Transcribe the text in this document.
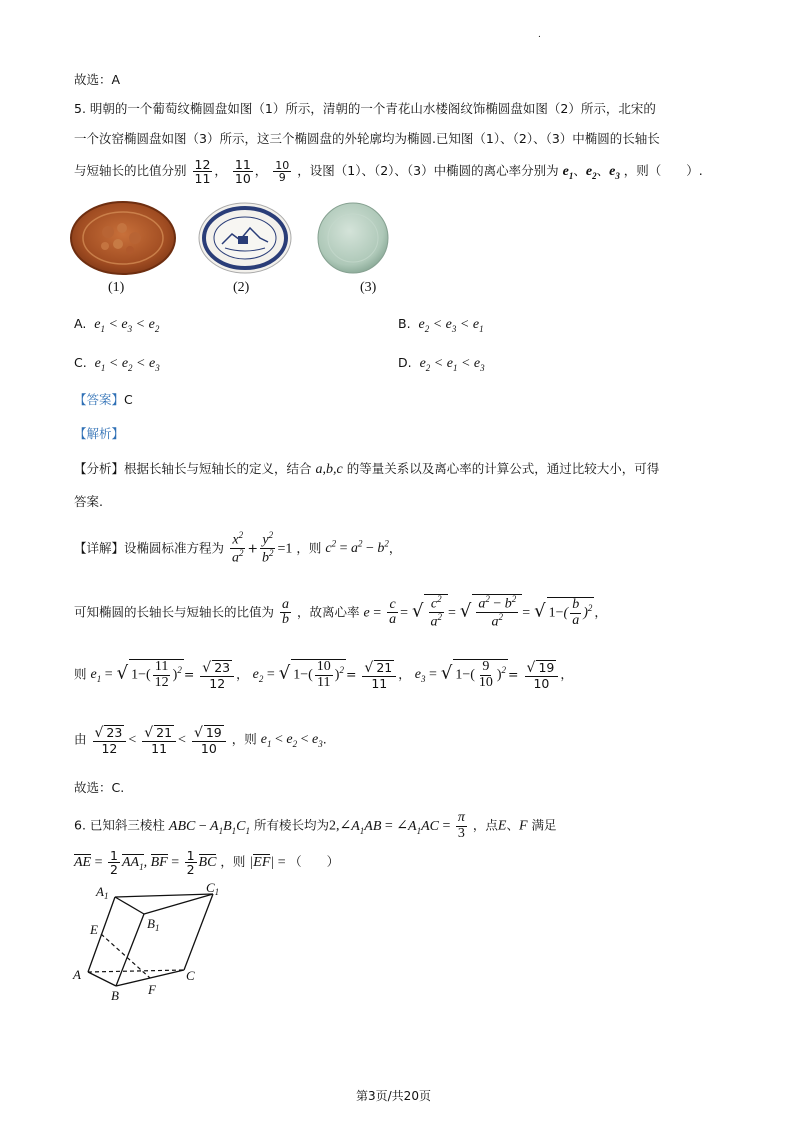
.
故选：A
5. 明朝的一个葡萄纹椭圆盘如图（1）所示，清朝的一个青花山水楼阁纹饰椭圆盘如图（2）所示，北宋的
一个汝窑椭圆盘如图（3）所示，这三个椭圆盘的外轮廓均为椭圆.已知图（1）、（2）、（3）中椭圆的长轴长
与短轴长的比值分别 $\frac{12}{11}$ ， $\frac{11}{10}$ ， $\frac{10}{9}$ ，设图（1）、（2）、（3）中椭圆的离心率分别为 $e_1$、$e_2$、$e_3$ ，则（　　）.
(1)	(2)	(3)
A. $e_1 < e_3 < e_2$	B. $e_2 < e_3 < e_1$
C. $e_1 < e_2 < e_3$	D. $e_2 < e_1 < e_3$
【答案】C
【解析】
【分析】根据长轴长与短轴长的定义，结合 a,b,c 的等量关系以及离心率的计算公式，通过比较大小，可得
答案.
【详解】设椭圆标准方程为 $\frac{x^2}{a^2} + \frac{y^2}{b^2} =1$ ，则 $c^2 = a^2 - b^2$，
可知椭圆的长轴长与短轴长的比值为 $\frac{a}{b}$ ，故离心率 $e = \frac{c}{a}$ = √ $\frac{c^2}{a^2}$ = √ $\frac{a^2 - b^2}{a^2}$ = √ $1-( \frac{b}{a} )^2$ ，
则 $e_1$ = √ $1-( \frac{11}{12} )^2 = \frac{√ 23}{12}$ ， $e_2$ = √ $1-( \frac{10}{11} )^2 = \frac{√ 21}{11}$ ， $e_3$ = √ $1-( \frac{9}{10} )^2 = \frac{√ 19}{10}$ ，
由 $\frac{√ 23}{12} < \frac{√ 21}{11} < \frac{√ 19}{10}$ ，则 $e_1 < e_2 < e_3$.
故选：C.
6. 已知斜三棱柱 ABC − $A_1B_1C_1$ 所有棱长均为$2,\angle A_1AB$ = $\angle A_1AC = \frac{\pi}{3}$ ，点E、F 满足
AE = $\frac{1}{2} AA_1$, BF = $\frac{1}{2}$ BC ，则 |EF| = （　　）
$A_1$
$C_1$
$B_1$
E
A
B F
C
第3页/共20页
